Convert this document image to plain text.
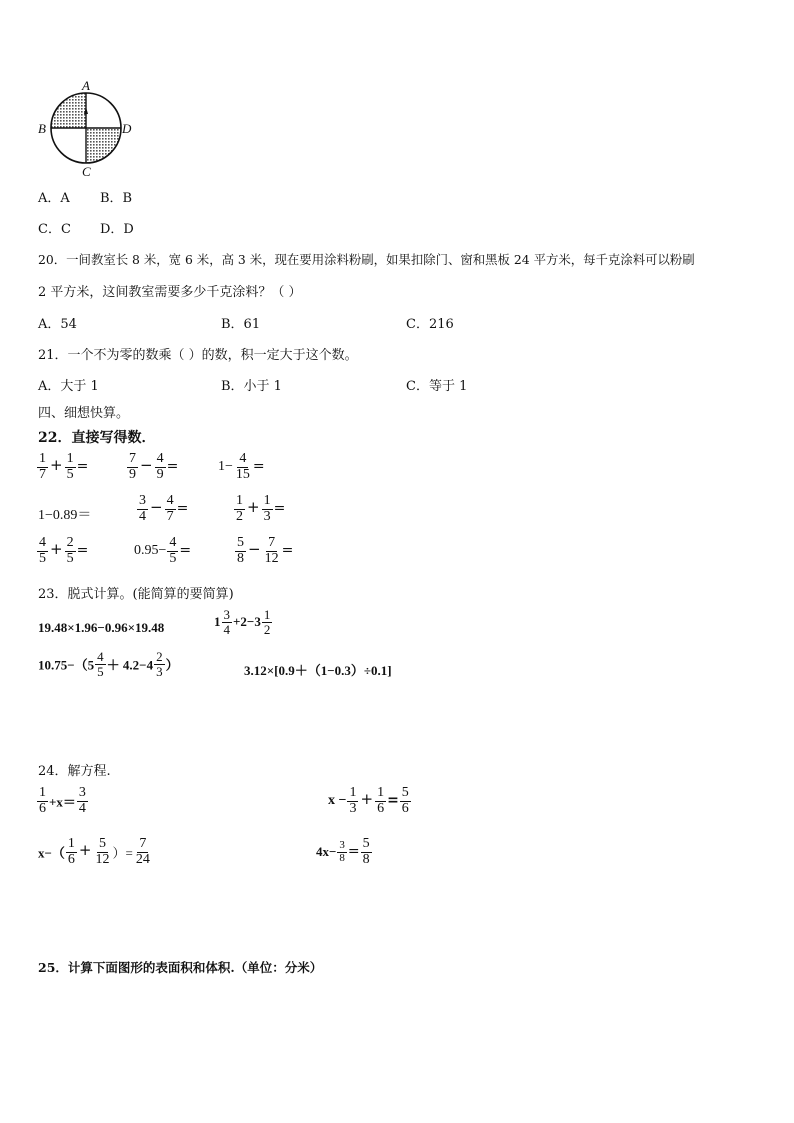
A
B	D
C
A．A B．B
C．C D．D
20．一间教室长 8 米，宽 6 米，高 3 米，现在要用涂料粉刷，如果扣除门、窗和黑板 24 平方米，每千克涂料可以粉刷
2 平方米，这间教室需要多少千克涂料？（ ）
A．54	B．61	C．216
21．一个不为零的数乘（ ）的数，积一定大于这个数。
A．大于 1	B．小于 1	C．等于 1
四、细想快算。
22．直接写得数．
$\frac{1}{7} + \frac{1}{5}$ =	$\frac{7}{9} - \frac{4}{9}$ =	$1- \frac{4}{15}$ =
1−0.89＝	$\frac{3}{4} - \frac{4}{7}$ =	$\frac{1}{2} + \frac{1}{3}$ =
$\frac{4}{5} + \frac{2}{5}$ =	$0.95- \frac{4}{5}$ =	$\frac{5}{8} - \frac{7}{12}$ =
23．脱式计算。(能简算的要简算)
19.48×1.96−0.96×19.48	$1 \frac{3}{4} +2-3 \frac{1}{2}$
$10.75-(5 \frac{4}{5} + 4.2-4 \frac{2}{3}$ ）	3.12×[0.9＋（1−0.3）÷0.1]
24．解方程.
$\frac{1}{6} +x= \frac{3}{4}$	$x - \frac{1}{3} + \frac{1}{6} = \frac{5}{6}$
$x-( \frac{1}{6} + \frac{5}{12}$ ）= $\frac{7}{24}$	$4x- \frac{3}{8} = \frac{5}{8}$
25．计算下面图形的表面积和体积.（单位：分米）
